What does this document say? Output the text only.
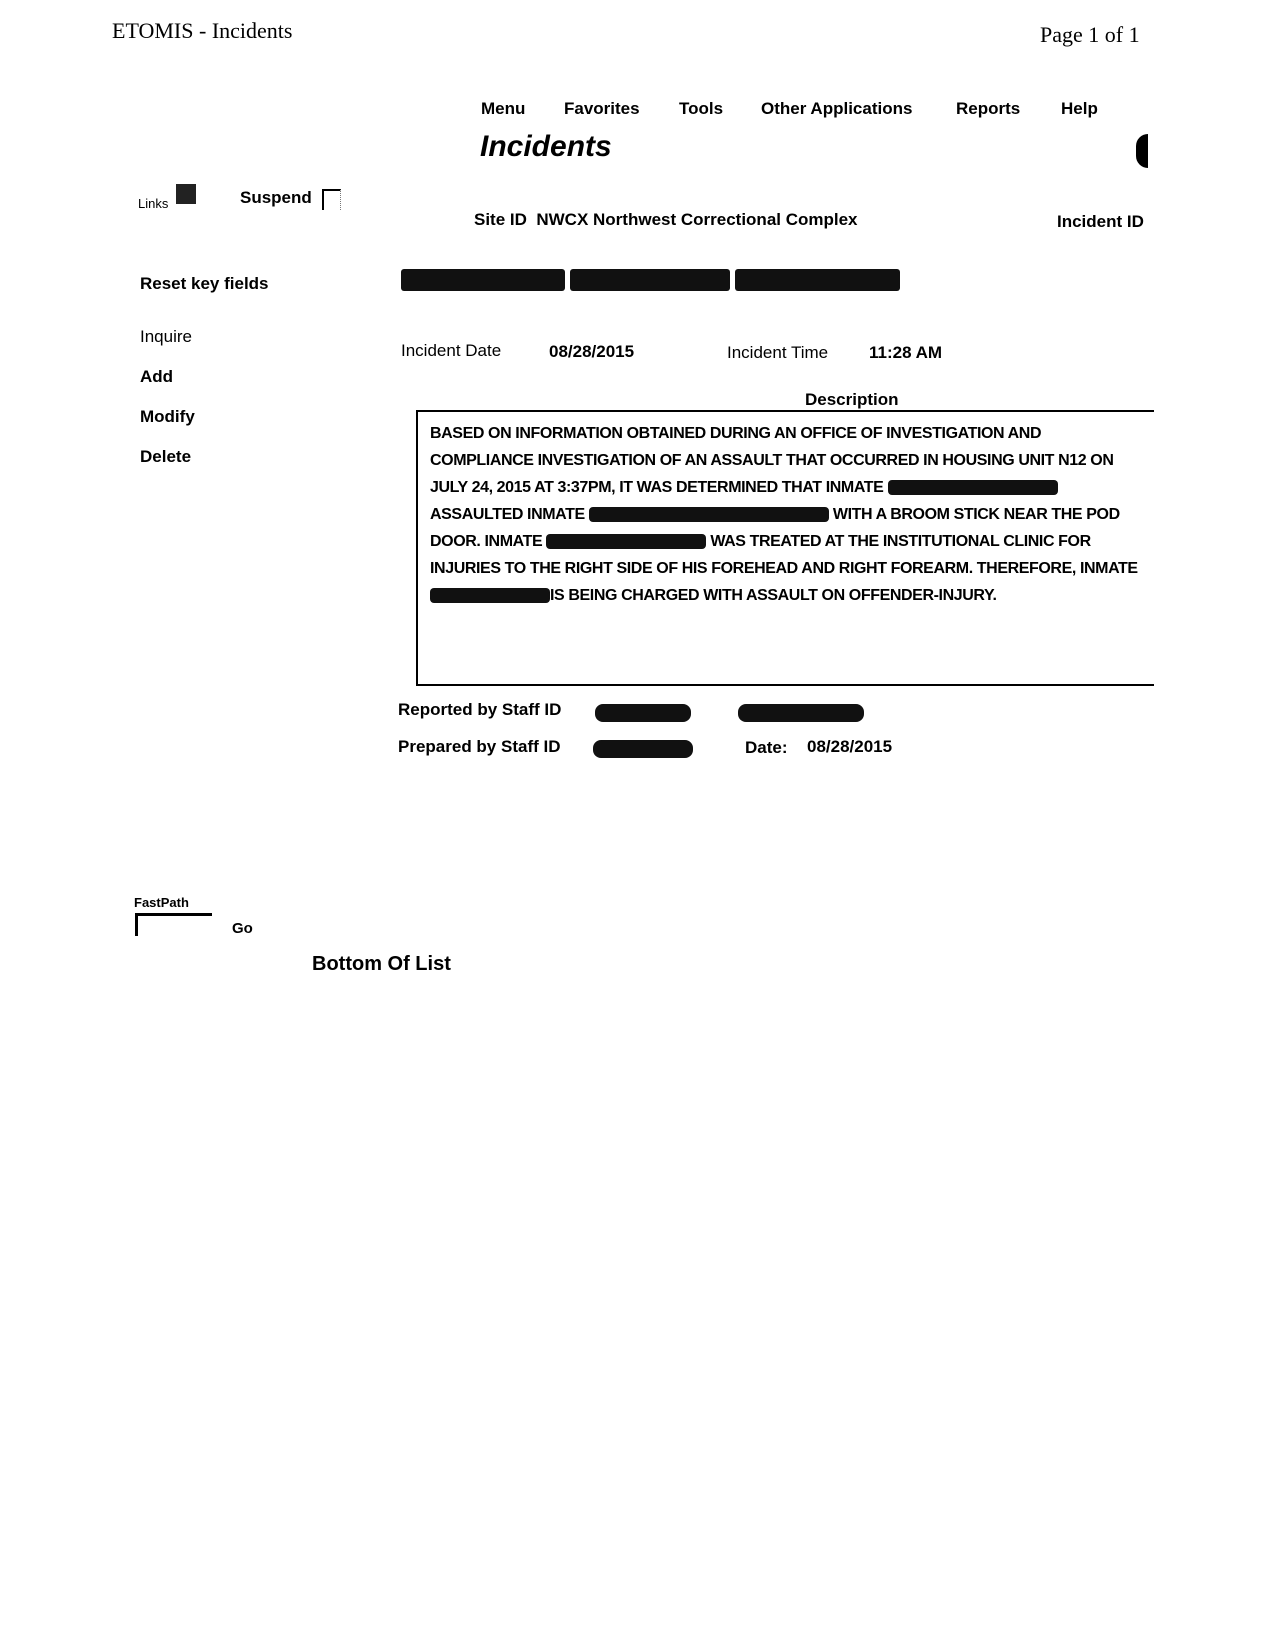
ETOMIS - Incidents	Page 1 of 1
Menu Favorites Tools Other Applications	Reports Help
Incidents
Links	Suspend
Reset key fields
Inquire
Add
Modify
Delete
Site ID NWCX Northwest Correctional Complex	Incident ID
Incident Date	08/28/2015	Incident Time 11:28 AM
Description
BASED ON INFORMATION OBTAINED DURING AN OFFICE OF INVESTIGATION AND COMPLIANCE INVESTIGATION OF AN ASSAULT THAT OCCURRED IN HOUSING UNIT N12 ON JULY 24, 2015 AT 3:37PM, IT WAS DETERMINED THAT INMATE ASSAULTED INMATE	WITH A BROOM STICK NEAR THE POD DOOR. INMATE	WAS TREATED AT THE INSTITUTIONAL CLINIC FOR INJURIES TO THE RIGHT SIDE OF HIS FOREHEAD AND RIGHT FOREARM. THEREFORE, INMATEIS BEING CHARGED WITH ASSAULT ON OFFENDER-INJURY.
Reported by Staff ID
Prepared by Staff ID	Date: 08/28/2015
FastPath
Go
Bottom Of List
